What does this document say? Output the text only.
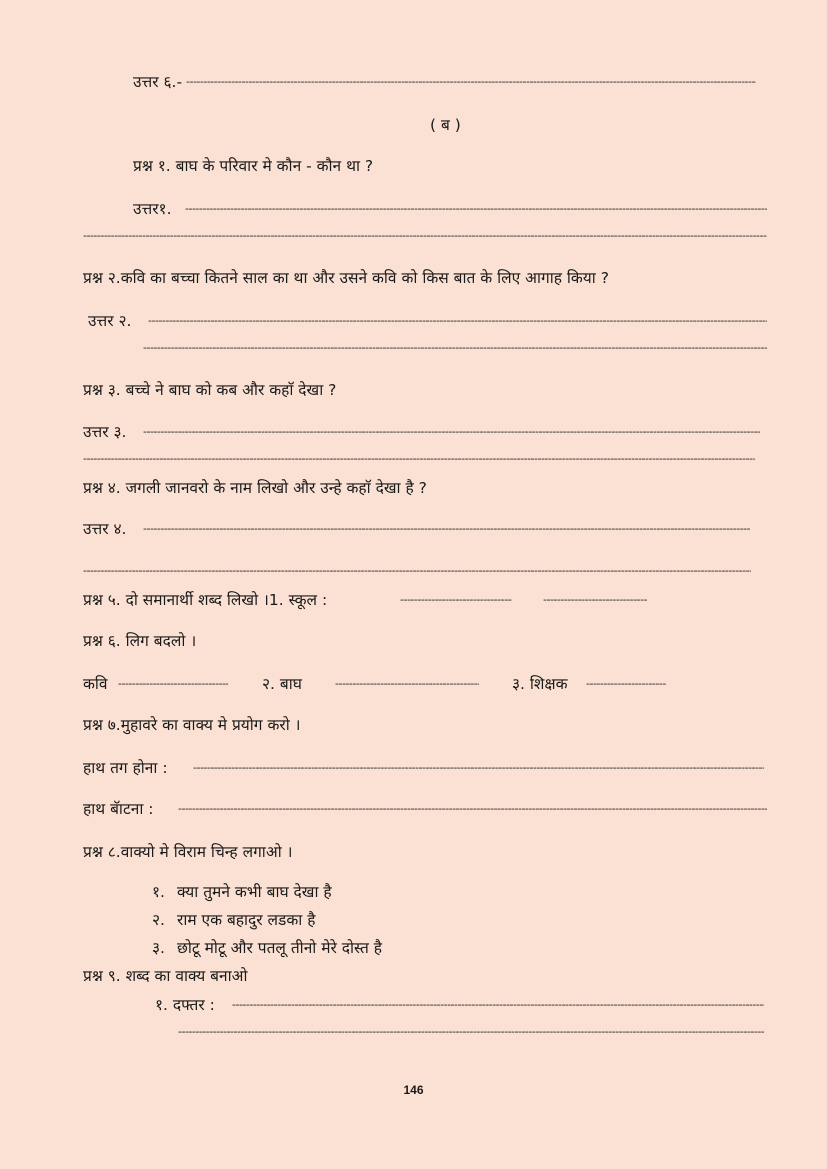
उत्तर ६.-

-----

( ब )

प्रश्न १. बाघ के परिवार मे कौन - कौन था ?

उत्तर१.

-----
-----

प्रश्न २.कवि का बच्चा कितने साल का था और उसने कवि को किस बात के लिए आगाह किया ?

उत्तर २.

-----
-----

प्रश्न ३. बच्चे ने बाघ को कब और कहाॅ देखा ?

उत्तर ३.

-----
-----

प्रश्न ४. जगली जानवरो के नाम लिखो और उन्हे कहाॅ देखा है ?

उत्तर ४.

-----
-----

प्रश्न ५. दो समानार्थी शब्द लिखो ।1. स्कूल :

-----
-----

प्रश्न ६. लिग बदलो ।

कवि -----	२. बाघ -----	३. शिक्षक

-----

प्रश्न ७.मुहावरे का वाक्य मे प्रयोग करो ।

हाथ तग होना :

-----

हाथ बॅाटना :

-----

प्रश्न ८.वाक्यो मे विराम चिन्ह लगाओ ।

१. क्या तुमने कभी बाघ देखा है

२. राम एक बहादुर लडका है

३. छोटू मोटू और पतलू तीनो मेरे दोस्त है

प्रश्न ९. शब्द का वाक्य बनाओ

१. दफ्तर :

-----
-----
146
